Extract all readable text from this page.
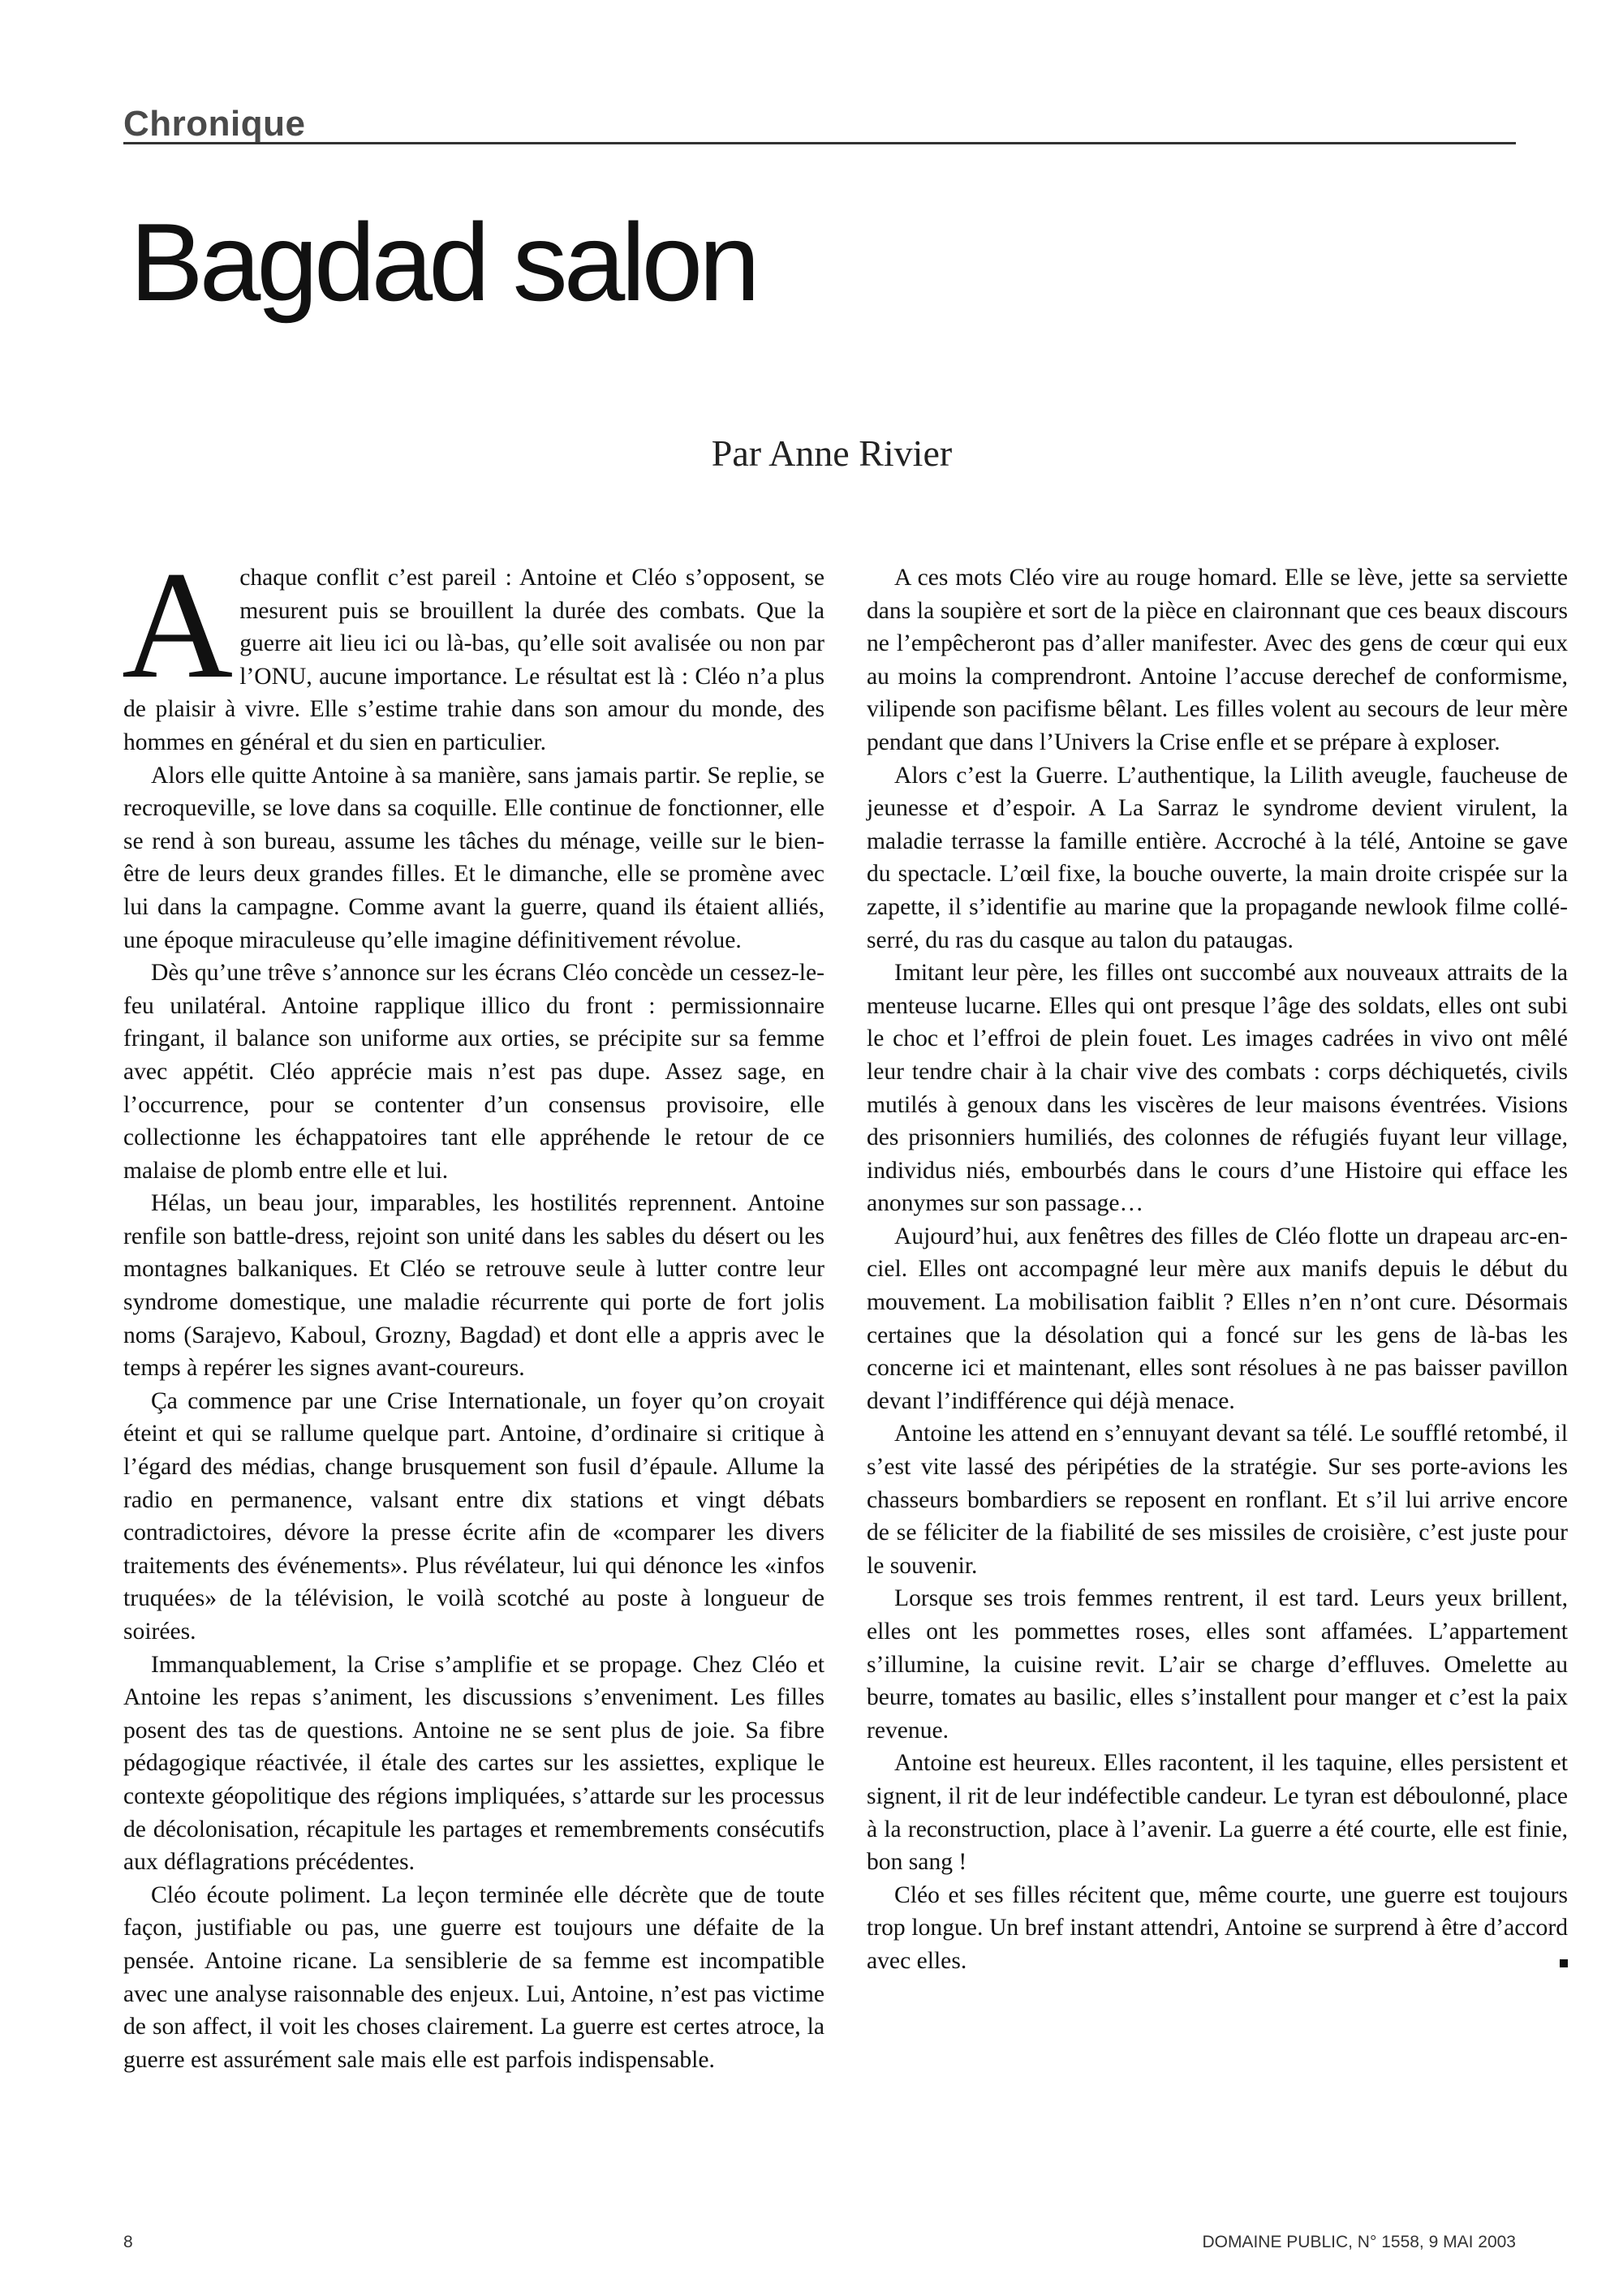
Chronique
Bagdad salon
Par Anne Rivier

A chaque conflit c’est pareil : Antoine et Cléo s’opposent, se mesurent puis se brouillent la durée des combats. Que la guerre ait lieu ici ou là-bas, qu’elle soit avalisée ou non par l’ONU, aucune importance. Le résultat est là : Cléo n’a plus de plaisir à vivre. Elle s’estime trahie dans son amour du monde, des hommes en général et du sien en particulier.

Alors elle quitte Antoine à sa manière, sans jamais partir. Se replie, se recroqueville, se love dans sa coquille. Elle continue de fonctionner, elle se rend à son bureau, assume les tâches du ménage, veille sur le bien-être de leurs deux grandes filles. Et le dimanche, elle se promène avec lui dans la campagne. Comme avant la guerre, quand ils étaient alliés, une époque miraculeuse qu’elle imagine définitivement révolue.

Dès qu’une trêve s’annonce sur les écrans Cléo concède un cessez-le-feu unilatéral. Antoine rapplique illico du front : permissionnaire fringant, il balance son uniforme aux orties, se précipite sur sa femme avec appétit. Cléo apprécie mais n’est pas dupe. Assez sage, en l’occurrence, pour se contenter d’un consensus provisoire, elle collectionne les échappatoires tant elle appréhende le retour de ce malaise de plomb entre elle et lui.

Hélas, un beau jour, imparables, les hostilités reprennent. Antoine renfile son battle-dress, rejoint son unité dans les sables du désert ou les montagnes balkaniques. Et Cléo se retrouve seule à lutter contre leur syndrome domestique, une maladie récurrente qui porte de fort jolis noms (Sarajevo, Kaboul, Grozny, Bagdad) et dont elle a appris avec le temps à repérer les signes avant-coureurs.

Ça commence par une Crise Internationale, un foyer qu’on croyait éteint et qui se rallume quelque part. Antoine, d’ordinaire si critique à l’égard des médias, change brusquement son fusil d’épaule. Allume la radio en permanence, valsant entre dix stations et vingt débats contradictoires, dévore la presse écrite afin de «comparer les divers traitements des événements». Plus révélateur, lui qui dénonce les «infos truquées» de la télévision, le voilà scotché au poste à longueur de soirées.

Immanquablement, la Crise s’amplifie et se propage. Chez Cléo et Antoine les repas s’animent, les discussions s’enveniment. Les filles posent des tas de questions. Antoine ne se sent plus de joie. Sa fibre pédagogique réactivée, il étale des cartes sur les assiettes, explique le contexte géopolitique des régions impliquées, s’attarde sur les processus de décolonisation, récapitule les partages et remembrements consécutifs aux déflagrations précédentes.

Cléo écoute poliment. La leçon terminée elle décrète que de toute façon, justifiable ou pas, une guerre est toujours une défaite de la pensée. Antoine ricane. La sensiblerie de sa femme est incompatible avec une analyse raisonnable des enjeux. Lui, Antoine, n’est pas victime de son affect, il voit les choses clairement. La guerre est certes atroce, la guerre est assurément sale mais elle est parfois indispensable.

A ces mots Cléo vire au rouge homard. Elle se lève, jette sa serviette dans la soupière et sort de la pièce en claironnant que ces beaux discours ne l’empêcheront pas d’aller manifester. Avec des gens de cœur qui eux au moins la comprendront. Antoine l’accuse derechef de conformisme, vilipende son pacifisme bêlant. Les filles volent au secours de leur mère pendant que dans l’Univers la Crise enfle et se prépare à exploser.

Alors c’est la Guerre. L’authentique, la Lilith aveugle, faucheuse de jeunesse et d’espoir. A La Sarraz le syndrome devient virulent, la maladie terrasse la famille entière. Accroché à la télé, Antoine se gave du spectacle. L’œil fixe, la bouche ouverte, la main droite crispée sur la zapette, il s’identifie au marine que la propagande newlook filme collé-serré, du ras du casque au talon du pataugas.

Imitant leur père, les filles ont succombé aux nouveaux attraits de la menteuse lucarne. Elles qui ont presque l’âge des soldats, elles ont subi le choc et l’effroi de plein fouet. Les images cadrées in vivo ont mêlé leur tendre chair à la chair vive des combats : corps déchiquetés, civils mutilés à genoux dans les viscères de leur maisons éventrées. Visions des prisonniers humiliés, des colonnes de réfugiés fuyant leur village, individus niés, embourbés dans le cours d’une Histoire qui efface les anonymes sur son passage…

Aujourd’hui, aux fenêtres des filles de Cléo flotte un drapeau arc-en-ciel. Elles ont accompagné leur mère aux manifs depuis le début du mouvement. La mobilisation faiblit ? Elles n’en n’ont cure. Désormais certaines que la désolation qui a foncé sur les gens de là-bas les concerne ici et maintenant, elles sont résolues à ne pas baisser pavillon devant l’indifférence qui déjà menace.

Antoine les attend en s’ennuyant devant sa télé. Le soufflé retombé, il s’est vite lassé des péripéties de la stratégie. Sur ses porte-avions les chasseurs bombardiers se reposent en ronflant. Et s’il lui arrive encore de se féliciter de la fiabilité de ses missiles de croisière, c’est juste pour le souvenir.

Lorsque ses trois femmes rentrent, il est tard. Leurs yeux brillent, elles ont les pommettes roses, elles sont affamées. L’appartement s’illumine, la cuisine revit. L’air se charge d’effluves. Omelette au beurre, tomates au basilic, elles s’installent pour manger et c’est la paix revenue.

Antoine est heureux. Elles racontent, il les taquine, elles persistent et signent, il rit de leur indéfectible candeur. Le tyran est déboulonné, place à la reconstruction, place à l’avenir. La guerre a été courte, elle est finie, bon sang !

Cléo et ses filles récitent que, même courte, une guerre est toujours trop longue. Un bref instant attendri, Antoine se surprend à être d’accord avec elles.

8	DOMAINE PUBLIC, N° 1558, 9 MAI 2003
